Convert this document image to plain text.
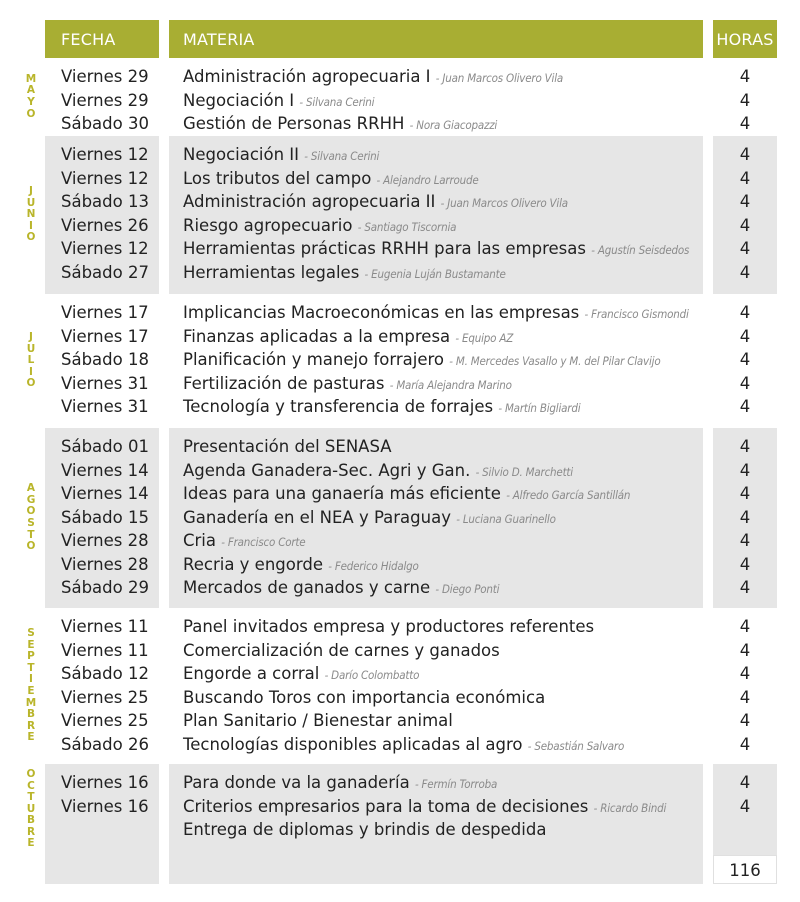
FECHA	MATERIA	HORAS
M
A
Y
O
Viernes 29 Administración agropecuaria I - Juan Marcos Olivero Vila	4
Viernes 29 Negociación I - Silvana Cerini	4
Sábado 30 Gestión de Personas RRHH - Nora Giacopazzi	4
J
U
N
I
O
Viernes 12 Negociación II - Silvana Cerini	4
Viernes 12 Los tributos del campo - Alejandro Larroude	4
Sábado 13 Administración agropecuaria II - Juan Marcos Olivero Vila	4
Viernes 26 Riesgo agropecuario - Santiago Tiscornia	4
Viernes 12 Herramientas prácticas RRHH para las empresas - Agustín Seisdedos	4
Sábado 27 Herramientas legales - Eugenia Luján Bustamante	4
J
U
L
I
O
Viernes 17 Implicancias Macroeconómicas en las empresas - Francisco Gismondi	4
Viernes 17 Finanzas aplicadas a la empresa - Equipo AZ	4
Sábado 18 Planificación y manejo forrajero - M. Mercedes Vasallo y M. del Pilar Clavijo	4
Viernes 31 Fertilización de pasturas - María Alejandra Marino	4
Viernes 31 Tecnología y transferencia de forrajes - Martín Bigliardi	4
A
G
O
S
T
O
Sábado 01 Presentación del SENASA	4
Viernes 14 Agenda Ganadera-Sec. Agri y Gan. - Silvio D. Marchetti	4
Viernes 14 Ideas para una ganaería más eficiente - Alfredo García Santillán	4
Sábado 15 Ganadería en el NEA y Paraguay - Luciana Guarinello	4
Viernes 28 Cria - Francisco Corte	4
Viernes 28 Recria y engorde - Federico Hidalgo	4
Sábado 29 Mercados de ganados y carne - Diego Ponti	4
S
E
P
T
I
E
M
B
R
E
Viernes 11 Panel invitados empresa y productores referentes	4
Viernes 11 Comercialización de carnes y ganados	4
Sábado 12 Engorde a corral - Darío Colombatto	4
Viernes 25 Buscando Toros con importancia económica	4
Viernes 25 Plan Sanitario / Bienestar animal	4
Sábado 26 Tecnologías disponibles aplicadas al agro - Sebastián Salvaro	4
O
C
T
U
B
R
E
Viernes 16 Para donde va la ganadería - Fermín Torroba	4
Viernes 16 Criterios empresarios para la toma de decisiones - Ricardo Bindi	4
Entrega de diplomas y brindis de despedida
116
